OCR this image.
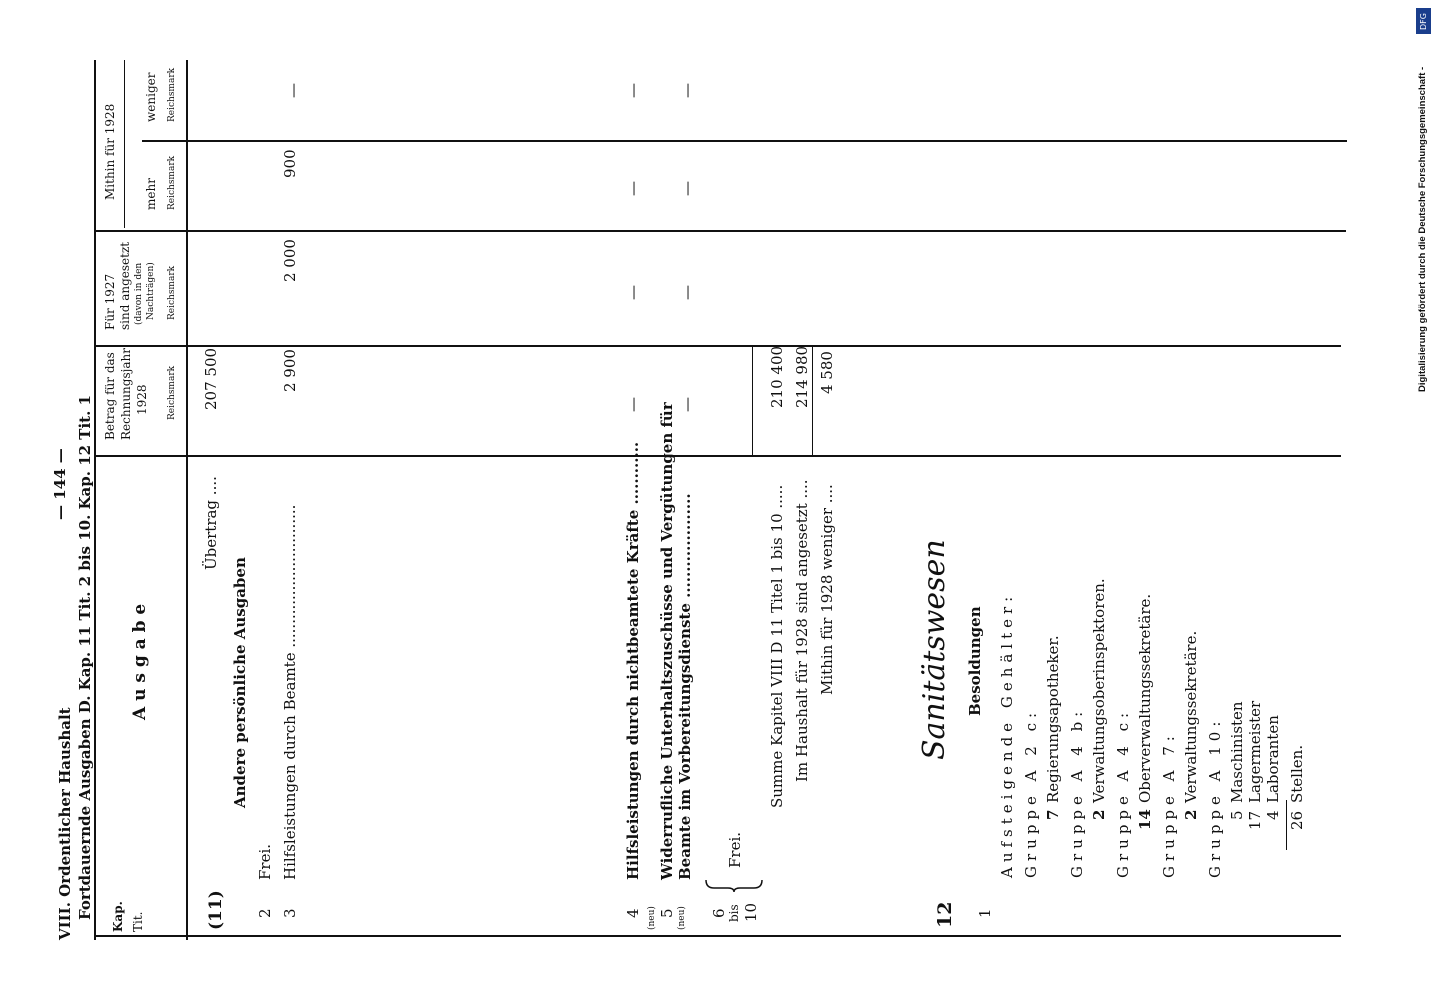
VIII. Ordentlicher Haushalt Fortdauernde Ausgaben D. Kap. 11 Tit. 2 bis 10. Kap. 12 Tit. 1
— 144 —
Kap. Tit.
A u s g a b e
Betrag für das Rechnungsjahr 1928 Reichsmark
Für 1927 sind angesetzt (davon in den Nachträgen) Reichsmark
Mithin für 1928 mehr Reichsmark
weniger Reichsmark
(11)
Übertrag ....
207 500
Andere persönliche Ausgaben
2
Frei.
3
Hilfsleistungen durch Beamte ..............................
2 900
2 000
900
—
4
Hilfsleistungen durch nichtbeamtete Kräfte ............
—
—
—
—
(neu) 5 (neu)
Widerrufliche Unterhaltszuschüsse und Vergütungen für Beamte im Vorbereitungsdienste ....................
—
—
—
—
6 bis 10
Frei.
Summe Kapitel VIII D 11 Titel 1 bis 10 .....
210 400
Im Haushalt für 1928 sind angesetzt ....
214 980
Mithin für 1928 weniger ....
4 580
12
Sanitätswesen Besoldungen
1
Aufsteigende Gehälter: Gruppe A 2 c: 7
Regierungsapotheker. Gruppe A 4 b: 2
Verwaltungsoberinspektoren. Gruppe A 4 c: 14
Oberverwaltungssekretäre.
Gruppe A 7: 2
Verwaltungssekretäre. Gruppe A 10: 5
Maschinisten
17
Lagermeister
4
Laboranten
26
Stellen.
Digitalisierung gefördert durch die Deutsche Forschungsgemeinschaft -
DFG
